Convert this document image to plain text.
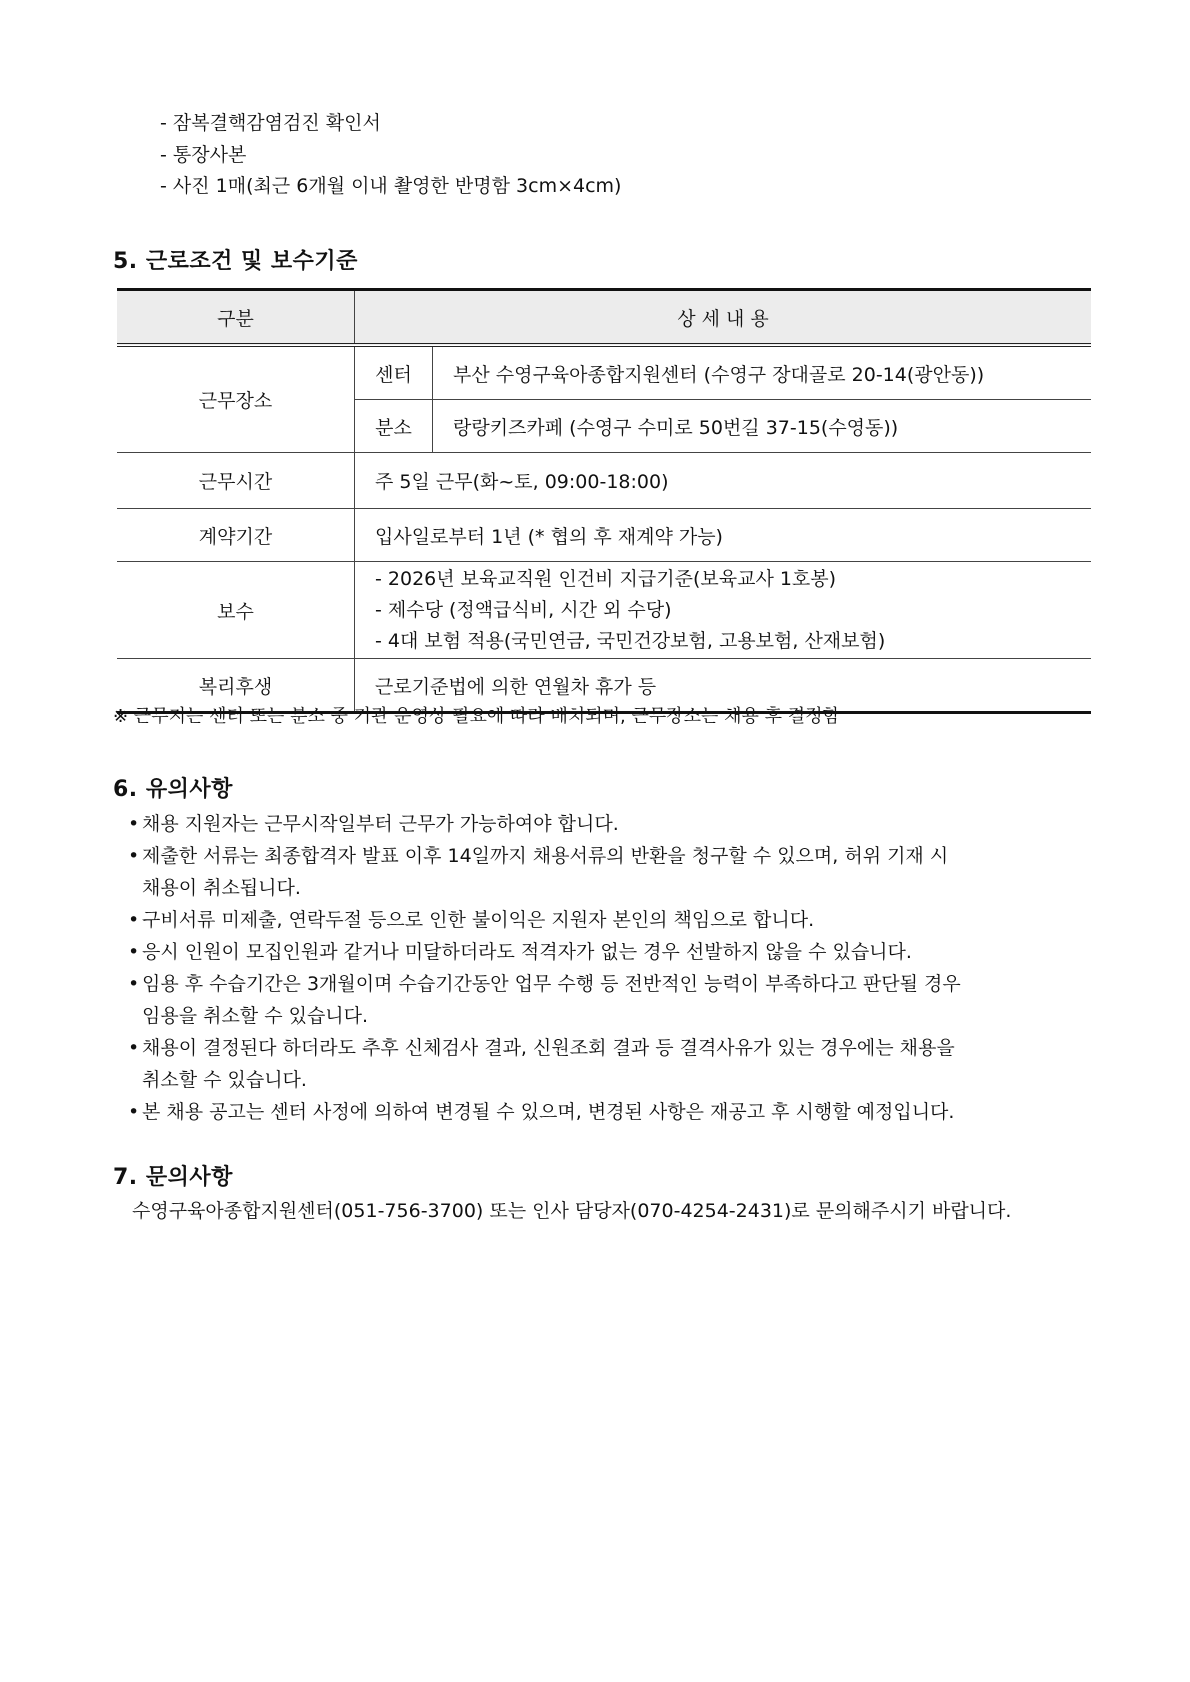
- 잠복결핵감염검진 확인서
- 통장사본
- 사진 1매(최근 6개월 이내 촬영한 반명함 3cm×4cm)
5. 근로조건 및 보수기준
구분	상 세 내 용	
근무장소	센터	부산 수영구육아종합지원센터 (수영구 장대골로 20-14(광안동))
	분소	랑랑키즈카페 (수영구 수미로 50번길 37-15(수영동))
근무시간	주 5일 근무(화~토, 09:00-18:00)	
계약기간	입사일로부터 1년 (* 협의 후 재계약 가능)	
보수	- 2026년 보육교직원 인건비 지급기준(보육교사 1호봉)
- 제수당 (정액급식비, 시간 외 수당)
- 4대 보험 적용(국민연금, 국민건강보험, 고용보험, 산재보험)	

복리후생	근로기준법에 의한 연월차 휴가 등	
※ 근무지는 센터 또는 분소 중 기관 운영상 필요에 따라 배치되며, 근무장소는 채용 후 결정함
6. 유의사항
• 채용 지원자는 근무시작일부터 근무가 가능하여야 합니다.
• 제출한 서류는 최종합격자 발표 이후 14일까지 채용서류의 반환을 청구할 수 있으며, 허위 기재 시
채용이 취소됩니다.
• 구비서류 미제출, 연락두절 등으로 인한 불이익은 지원자 본인의 책임으로 합니다.
• 응시 인원이 모집인원과 같거나 미달하더라도 적격자가 없는 경우 선발하지 않을 수 있습니다.
• 임용 후 수습기간은 3개월이며 수습기간동안 업무 수행 등 전반적인 능력이 부족하다고 판단될 경우
임용을 취소할 수 있습니다.
• 채용이 결정된다 하더라도 추후 신체검사 결과, 신원조회 결과 등 결격사유가 있는 경우에는 채용을
취소할 수 있습니다.
• 본 채용 공고는 센터 사정에 의하여 변경될 수 있으며, 변경된 사항은 재공고 후 시행할 예정입니다.
7. 문의사항
수영구육아종합지원센터(051-756-3700) 또는 인사 담당자(070-4254-2431)로 문의해주시기 바랍니다.
